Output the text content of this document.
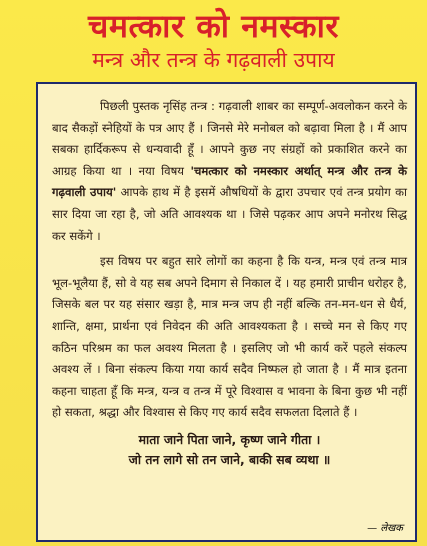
चमत्कार को नमस्कार
मन्त्र और तन्त्र के गढ़वाली उपाय

पिछली पुस्तक नृसिंह तन्त्र : गढ़वाली शाबर का सम्पूर्ण-अवलोकन करने के बाद सैकड़ों स्नेहियों के पत्र आए हैं । जिनसे मेरे मनोबल को बढ़ावा मिला है । मैं आप सबका हार्दिकरूप से धन्यवादी हूँ । आपने कुछ नए संग्रहों को प्रकाशित करने का आग्रह किया था । नया विषय 'चमत्कार को नमस्कार अर्थात् मन्त्र और तन्त्र के गढ़वाली उपाय' आपके हाथ में है इसमें औषधियों के द्वारा उपचार एवं तन्त्र प्रयोग का सार दिया जा रहा है, जो अति आवश्यक था । जिसे पढ़कर आप अपने मनोरथ सिद्ध कर सकेंगे ।

इस विषय पर बहुत सारे लोगों का कहना है कि यन्त्र, मन्त्र एवं तन्त्र मात्र भूल-भूलैया हैं, सो वे यह सब अपने दिमाग से निकाल दें । यह हमारी प्राचीन धरोहर है, जिसके बल पर यह संसार खड़ा है, मात्र मन्त्र जप ही नहीं बल्कि तन-मन-धन से धैर्य, शान्ति, क्षमा, प्रार्थना एवं निवेदन की अति आवश्यकता है । सच्चे मन से किए गए कठिन परिश्रम का फल अवश्य मिलता है । इसलिए जो भी कार्य करें पहले संकल्प अवश्य लें । बिना संकल्प किया गया कार्य सदैव निष्फल हो जाता है । मैं मात्र इतना कहना चाहता हूँ कि मन्त्र, यन्त्र व तन्त्र में पूरे विश्वास व भावना के बिना कुछ भी नहीं हो सकता, श्रद्धा और विश्वास से किए गए कार्य सदैव सफलता दिलाते हैं ।

माता जाने पिता जाने, कृष्ण जाने गीता ।
जो तन लागे सो तन जाने, बाकी सब व्यथा ॥
— लेखक
